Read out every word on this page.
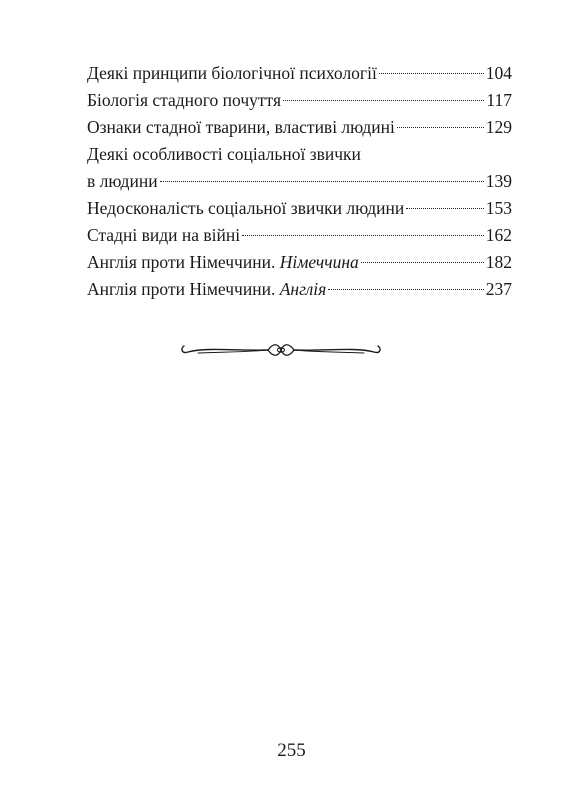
Деякі принципи біологічної психології	104
Біологія стадного почуття	117
Ознаки стадної тварини, властиві людині	129
Деякі особливості соціальної звички
в людини	139
Недосконалість соціальної звички людини	153
Стадні види на війні	162
Англія проти Німеччини. Німеччина	182
Англія проти Німеччини. Англія	237
255
